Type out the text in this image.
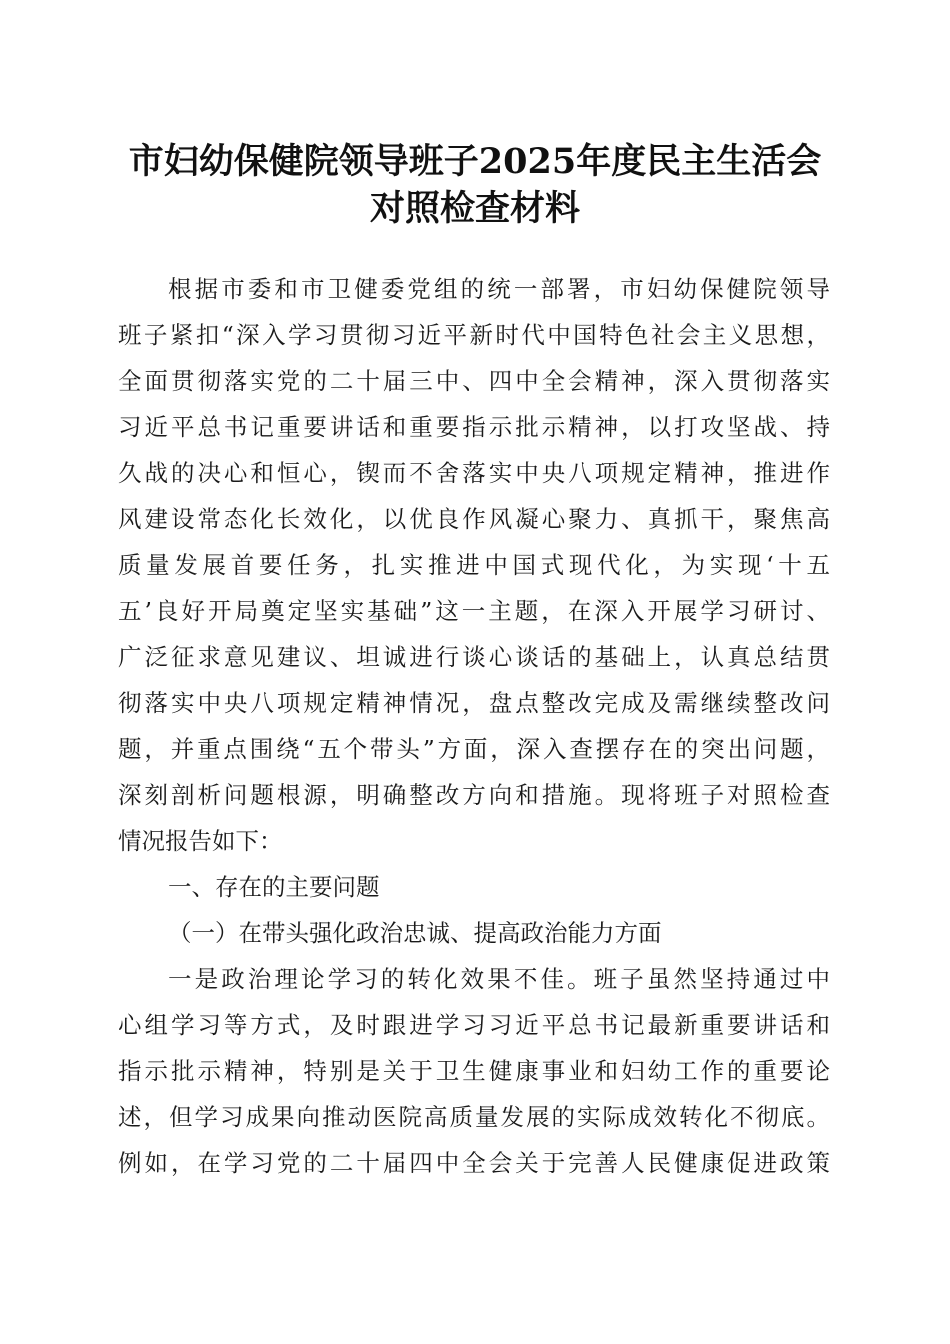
市妇幼保健院领导班子2025年度民主生活会
对照检查材料
根据市委和市卫健委党组的统一部署，市妇幼保健院领导
班子紧扣“深入学习贯彻习近平新时代中国特色社会主义思想，
全面贯彻落实党的二十届三中、四中全会精神，深入贯彻落实
习近平总书记重要讲话和重要指示批示精神，以打攻坚战、持
久战的决心和恒心，锲而不舍落实中央八项规定精神，推进作
风建设常态化长效化，以优良作风凝心聚力、真抓干，聚焦高
质量发展首要任务，扎实推进中国式现代化，为实现‘十五
五’良好开局奠定坚实基础”这一主题，在深入开展学习研讨、
广泛征求意见建议、坦诚进行谈心谈话的基础上，认真总结贯
彻落实中央八项规定精神情况，盘点整改完成及需继续整改问
题，并重点围绕“五个带头”方面，深入查摆存在的突出问题，
深刻剖析问题根源，明确整改方向和措施。现将班子对照检查
情况报告如下：
一、存在的主要问题
（一）在带头强化政治忠诚、提高政治能力方面
一是政治理论学习的转化效果不佳。班子虽然坚持通过中
心组学习等方式，及时跟进学习习近平总书记最新重要讲话和
指示批示精神，特别是关于卫生健康事业和妇幼工作的重要论
述，但学习成果向推动医院高质量发展的实际成效转化不彻底。
例如，在学习党的二十届四中全会关于完善人民健康促进政策
